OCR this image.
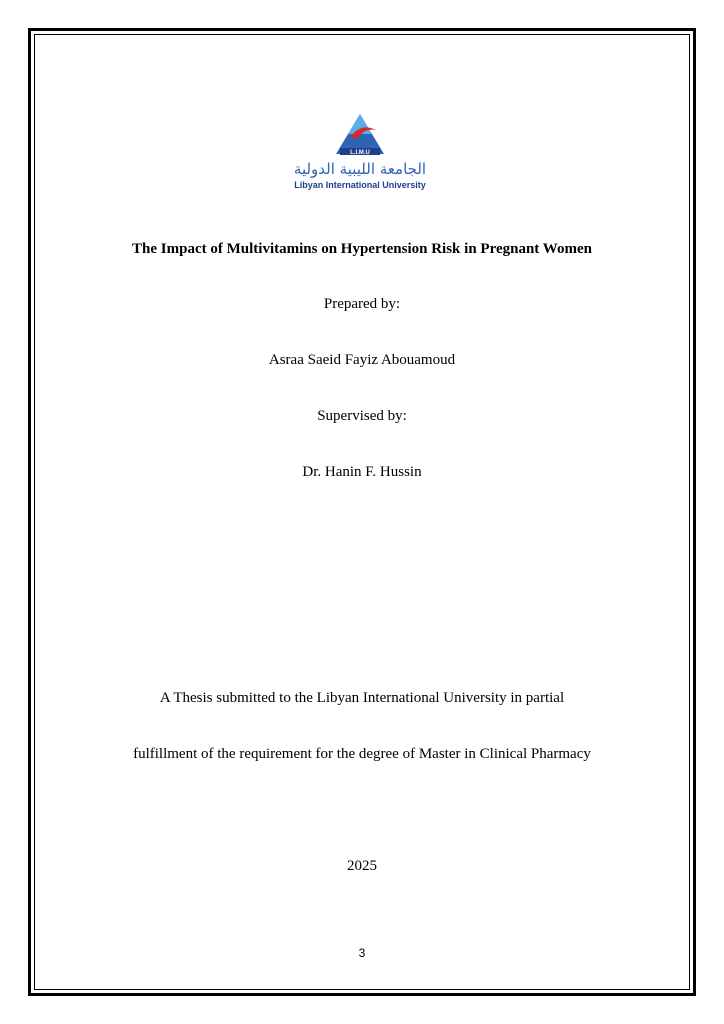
L.I.M.U
الجامعة الليبية الدولية
Libyan International University
The Impact of Multivitamins on Hypertension Risk in Pregnant Women
Prepared by:
Asraa Saeid Fayiz Abouamoud
Supervised by:
Dr. Hanin F. Hussin
A Thesis submitted to the Libyan International University in partial
fulfillment of the requirement for the degree of Master in Clinical Pharmacy
2025
3
